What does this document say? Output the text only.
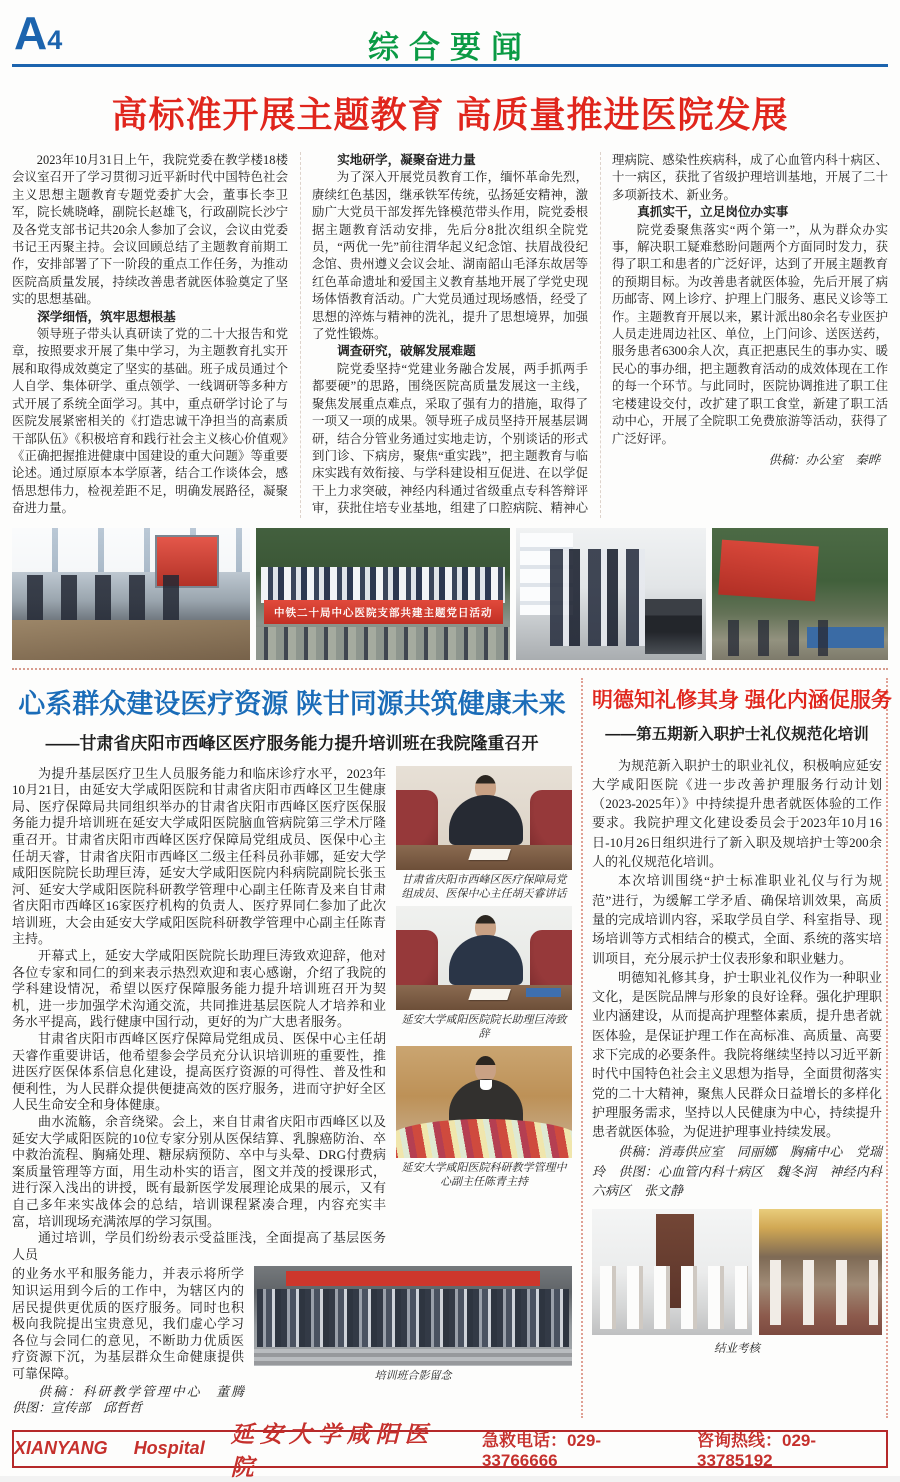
A4	综合要闻
高标准开展主题教育 高质量推进医院发展

2023年10月31日上午，我院党委在教学楼18楼会议室召开了学习贯彻习近平新时代中国特色社会主义思想主题教育专题党委扩大会，董事长李卫军，院长姚晓峰，副院长赵雄飞，行政副院长沙宁及各党支部书记共20余人参加了会议，会议由党委书记王丙聚主持。会议回顾总结了主题教育前期工作，安排部署了下一阶段的重点工作任务，为推动医院高质量发展，持续改善患者就医体验奠定了坚实的思想基础。

深学细悟，筑牢思想根基

领导班子带头认真研读了党的二十大报告和党章，按照要求开展了集中学习，为主题教育扎实开展和取得成效奠定了坚实的基础。班子成员通过个人自学、集体研学、重点领学、一线调研等多种方式开展了系统全面学习。其中，重点研学讨论了与医院发展紧密相关的《打造忠诚干净担当的高素质干部队伍》《积极培育和践行社会主义核心价值观》《正确把握推进健康中国建设的重大问题》等重要论述。通过原原本本学原著，结合工作谈体会，感悟思想伟力，检视差距不足，明确发展路径，凝聚奋进力量。

实地研学，凝聚奋进力量

为了深入开展党员教育工作，缅怀革命先烈，赓续红色基因，继承铁军传统，弘扬延安精神，激励广大党员干部发挥先锋模范带头作用，院党委根据主题教育活动安排，先后分8批次组织全院党员，“两优一先”前往渭华起义纪念馆、扶眉战役纪念馆、贵州遵义会议会址、湖南韶山毛泽东故居等红色革命遗址和爱国主义教育基地开展了学党史现场体悟教育活动。广大党员通过现场感悟，经受了思想的淬炼与精神的洗礼，提升了思想境界，加强了党性锻炼。

调查研究，破解发展难题

院党委坚持“党建业务融合发展，两手抓两手都要硬”的思路，围绕医院高质量发展这一主线，聚焦发展重点难点，采取了强有力的措施，取得了一项又一项的成果。领导班子成员坚持开展基层调研，结合分管业务通过实地走访，个别谈话的形式到门诊、下病房，聚焦“重实践”，把主题教育与临床实践有效衔接、与学科建设相互促进、在以学促干上力求突破，神经内科通过省级重点专科答辩评审，获批住培专业基地，组建了口腔病院、精神心理病院、感染性疾病科，成了心血管内科十病区、十一病区，获批了省级护理培训基地，开展了二十多项新技术、新业务。

真抓实干，立足岗位办实事

院党委聚焦落实“两个第一”，从为群众办实事，解决职工疑难愁盼问题两个方面同时发力，获得了职工和患者的广泛好评，达到了开展主题教育的预期目标。为改善患者就医体验，先后开展了病历邮寄、网上诊疗、护理上门服务、惠民义诊等工作。主题教育开展以来，累计派出80余名专业医护人员走进周边社区、单位，上门问诊、送医送药，服务患者6300余人次，真正把惠民生的事办实、暖民心的事办细，把主题教育活动的成效体现在工作的每一个环节。与此同时，医院协调推进了职工住宅楼建设交付，改扩建了职工食堂，新建了职工活动中心，开展了全院职工免费旅游等活动，获得了广泛好评。

供稿：办公室　秦晔

中铁二十局中心医院支部共建主题党日活动
心系群众建设医疗资源 陕甘同源共筑健康未来
——甘肃省庆阳市西峰区医疗服务能力提升培训班在我院隆重召开

为提升基层医疗卫生人员服务能力和临床诊疗水平，2023年10月21日，由延安大学咸阳医院和甘肃省庆阳市西峰区卫生健康局、医疗保障局共同组织举办的甘肃省庆阳市西峰区医疗医保服务能力提升培训班在延安大学咸阳医院脑血管病院第三学术厅隆重召开。甘肃省庆阳市西峰区医疗保障局党组成员、医保中心主任胡天睿，甘肃省庆阳市西峰区二级主任科员孙菲娜，延安大学咸阳医院院长助理巨涛，延安大学咸阳医院内科病院副院长张玉河、延安大学咸阳医院科研教学管理中心副主任陈青及来自甘肃省庆阳市西峰区16家医疗机构的负责人、医疗界同仁参加了此次培训班，大会由延安大学咸阳医院科研教学管理中心副主任陈青主持。

开幕式上，延安大学咸阳医院院长助理巨涛致欢迎辞，他对各位专家和同仁的到来表示热烈欢迎和衷心感谢，介绍了我院的学科建设情况，希望以医疗保障服务能力提升培训班召开为契机，进一步加强学术沟通交流，共同推进基层医院人才培养和业务水平提高，践行健康中国行动，更好的为广大患者服务。

甘肃省庆阳市西峰区医疗保障局党组成员、医保中心主任胡天睿作重要讲话，他希望参会学员充分认识培训班的重要性，推进医疗医保体系信息化建设，提高医疗资源的可得性、普及性和便利性，为人民群众提供便捷高效的医疗服务，进而守护好全区人民生命安全和身体健康。

曲水流觞，余音绕梁。会上，来自甘肃省庆阳市西峰区以及延安大学咸阳医院的10位专家分别从医保结算、乳腺癌防治、卒中救治流程、胸痛处理、糖尿病预防、卒中与头晕、DRG付费病案质量管理等方面，用生动朴实的语言，图文并茂的授课形式，进行深入浅出的讲授，既有最新医学发展理论成果的展示，又有自己多年来实战体会的总结，培训课程紧凑合理，内容充实丰富，培训现场充满浓厚的学习氛围。

通过培训，学员们纷纷表示受益匪浅，全面提高了基层医务人员

甘肃省庆阳市西峰区医疗保障局党组成员、医保中心主任胡天睿讲话
延安大学咸阳医院院长助理巨涛致辞
延安大学咸阳医院科研教学管理中心副主任陈青主持

的业务水平和服务能力，并表示将所学知识运用到今后的工作中，为辖区内的居民提供更优质的医疗服务。同时也积极向我院提出宝贵意见，我们虚心学习各位与会同仁的意见，不断助力优质医疗资源下沉，为基层群众生命健康提供可靠保障。

供稿：科研教学管理中心　董腾　供图：宣传部　邱哲哲

培训班合影留念
明德知礼修其身 强化内涵促服务
——第五期新入职护士礼仪规范化培训

为规范新入职护士的职业礼仪，积极响应延安大学咸阳医院《进一步改善护理服务行动计划（2023-2025年）》中持续提升患者就医体验的工作要求。我院护理文化建设委员会于2023年10月16日-10月26日组织进行了新入职及规培护士等200余人的礼仪规范化培训。

本次培训围绕“护士标准职业礼仪与行为规范”进行，为缓解工学矛盾、确保培训效果，高质量的完成培训内容，采取学员自学、科室指导、现场培训等方式相结合的模式，全面、系统的落实培训项目，充分展示护士仪表形象和职业魅力。

明德知礼修其身，护士职业礼仪作为一种职业文化，是医院品牌与形象的良好诠释。强化护理职业内涵建设，从而提高护理整体素质，提升患者就医体验，是保证护理工作在高标准、高质量、高要求下完成的必要条件。我院将继续坚持以习近平新时代中国特色社会主义思想为指导，全面贯彻落实党的二十大精神，聚焦人民群众日益增长的多样化护理服务需求，坚持以人民健康为中心，持续提升患者就医体验，为促进护理事业持续发展。

供稿：消毒供应室　同丽娜　胸痛中心　党瑞玲　供图：心血管内科十病区　魏冬润　神经内科六病区　张文静

结业考核
XIANYANG Hospital
延安大学咸阳医院
急救电话：029-33766666
咨询热线：029-33785192
